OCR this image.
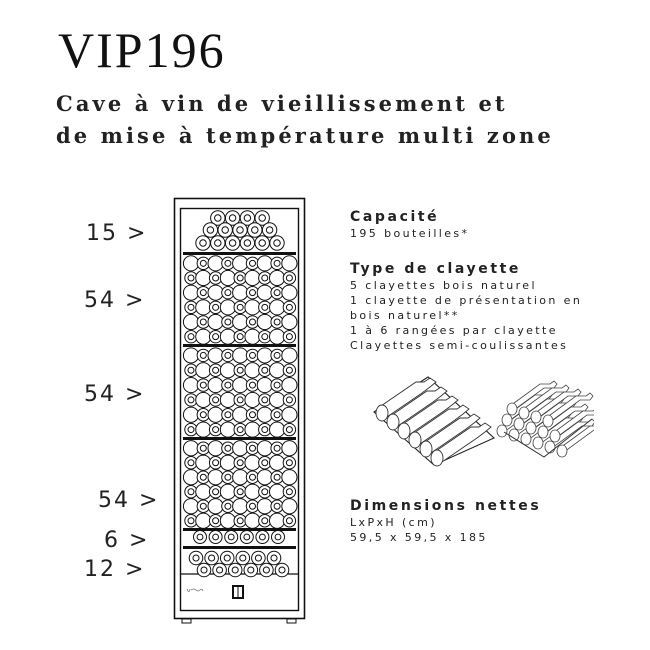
VIP196
Cave à vin de vieillissement et
de mise à température multi zone
15 >
54 >
54 >
54 >
6 >
12 >
Capacité
195 bouteilles*
Type de clayette
5 clayettes bois naturel
1 clayette de présentation en
bois naturel**
1 à 6 rangées par clayette
Clayettes semi-coulissantes
Dimensions nettes
LxPxH (cm)
59,5 x 59,5 x 185
